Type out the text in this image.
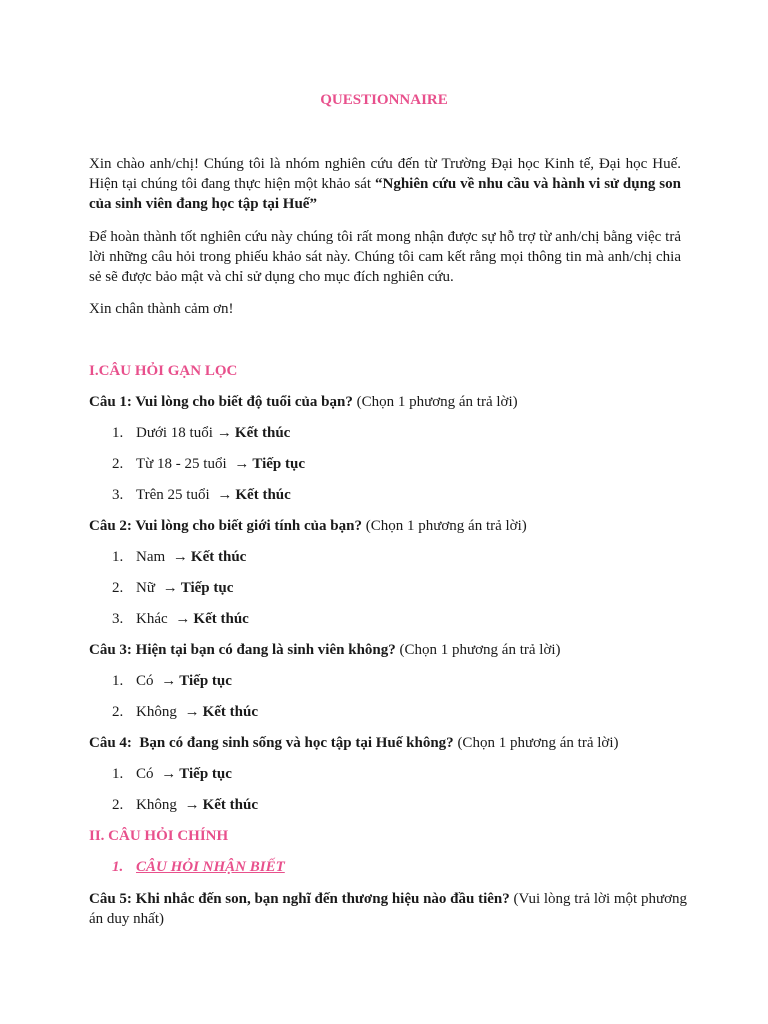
QUESTIONNAIRE
Xin chào anh/chị! Chúng tôi là nhóm nghiên cứu đến từ Trường Đại học Kinh tế, Đại học Huế. Hiện tại chúng tôi đang thực hiện một khảo sát “Nghiên cứu về nhu cầu và hành vi sử dụng son của sinh viên đang học tập tại Huế”
Để hoàn thành tốt nghiên cứu này chúng tôi rất mong nhận được sự hỗ trợ từ anh/chị bằng việc trả lời những câu hỏi trong phiếu khảo sát này. Chúng tôi cam kết rằng mọi thông tin mà anh/chị chia sẻ sẽ được bảo mật và chỉ sử dụng cho mục đích nghiên cứu.
Xin chân thành cảm ơn!
I.CÂU HỎI GẠN LỌC
Câu 1: Vui lòng cho biết độ tuổi của bạn? (Chọn 1 phương án trả lời)
1. Dưới 18 tuổi → Kết thúc
2. Từ 18 - 25 tuổi → Tiếp tục
3. Trên 25 tuổi → Kết thúc
Câu 2: Vui lòng cho biết giới tính của bạn? (Chọn 1 phương án trả lời)
1. Nam → Kết thúc
2. Nữ → Tiếp tục
3. Khác → Kết thúc
Câu 3: Hiện tại bạn có đang là sinh viên không? (Chọn 1 phương án trả lời)
1. Có → Tiếp tục
2. Không → Kết thúc
Câu 4:  Bạn có đang sinh sống và học tập tại Huế không? (Chọn 1 phương án trả lời)
1. Có → Tiếp tục
2. Không → Kết thúc
II. CÂU HỎI CHÍNH
1. CÂU HỎI NHẬN BIẾT
Câu 5: Khi nhắc đến son, bạn nghĩ đến thương hiệu nào đầu tiên? (Vui lòng trả lời một phương
án duy nhất)
